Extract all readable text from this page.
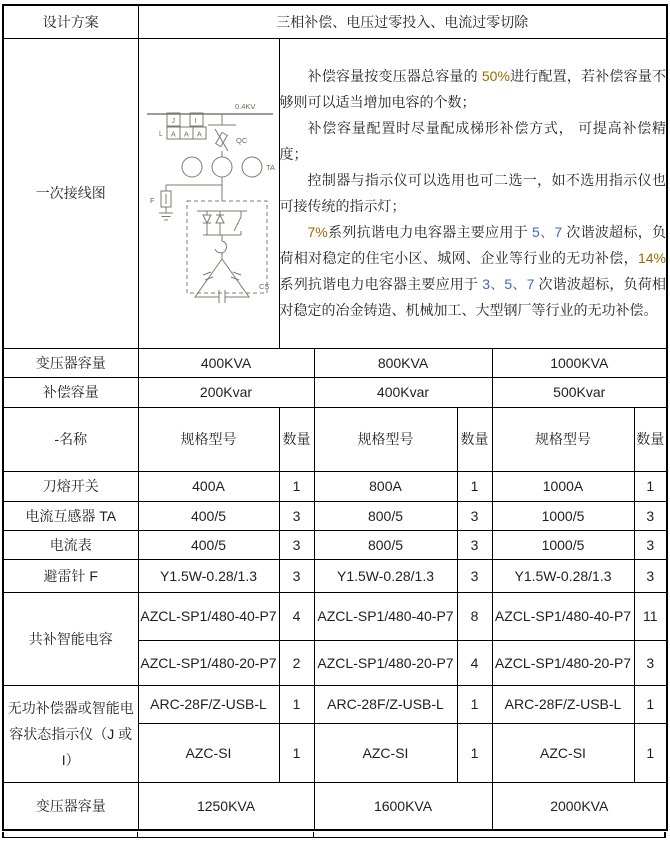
设计方案	三相补偿、电压过零投入、电流过零切除					
一次接线图	
0.4KV
QC
J	I
L A A A
TA
F
CS

补偿容量按变压器总容量的 50%进行配置，若补偿容量不够则可以适当增加电容的个数；

补偿容量配置时尽量配成梯形补偿方式， 可提高补偿精度；

控制器与指示仪可以选用也可二选一，如不选用指示仪也可接传统的指示灯；

7%系列抗谐电力电容器主要应用于 5、7 次谐波超标，负荷相对稳定的住宅小区、城网、企业等行业的无功补偿，14%系列抗谐电力电容器主要应用于 3、5、7 次谐波超标，负荷相对稳定的冶金铸造、机械加工、大型钢厂等行业的无功补偿。

变压器容量	400KVA		800KVA		1000KVA	
补偿容量	200Kvar		400Kvar		500Kvar	
-名称	规格型号	数量	规格型号	数量	规格型号	数量
刀熔开关	400A	1	800A	1	1000A	1
电流互感器 TA	400/5	3	800/5	3	1000/5	3
电流表	400/5	3	800/5	3	1000/5	3
避雷针 F	Y1.5W-0.28/1.3	3	Y1.5W-0.28/1.3	3	Y1.5W-0.28/1.3	3
共补智能电容	AZCL-SP1/480-40-P7	4	AZCL-SP1/480-40-P7	8	AZCL-SP1/480-40-P7	11
	AZCL-SP1/480-20-P7	2	AZCL-SP1/480-20-P7	4	AZCL-SP1/480-20-P7	3
无功补偿器或智能电容状态指示仪（J 或 I）	ARC-28F/Z-USB-L	1	ARC-28F/Z-USB-L	1	ARC-28F/Z-USB-L	1
	AZC-SI	1	AZC-SI	1	AZC-SI	1
变压器容量	1250KVA		1600KVA		2000KVA	
